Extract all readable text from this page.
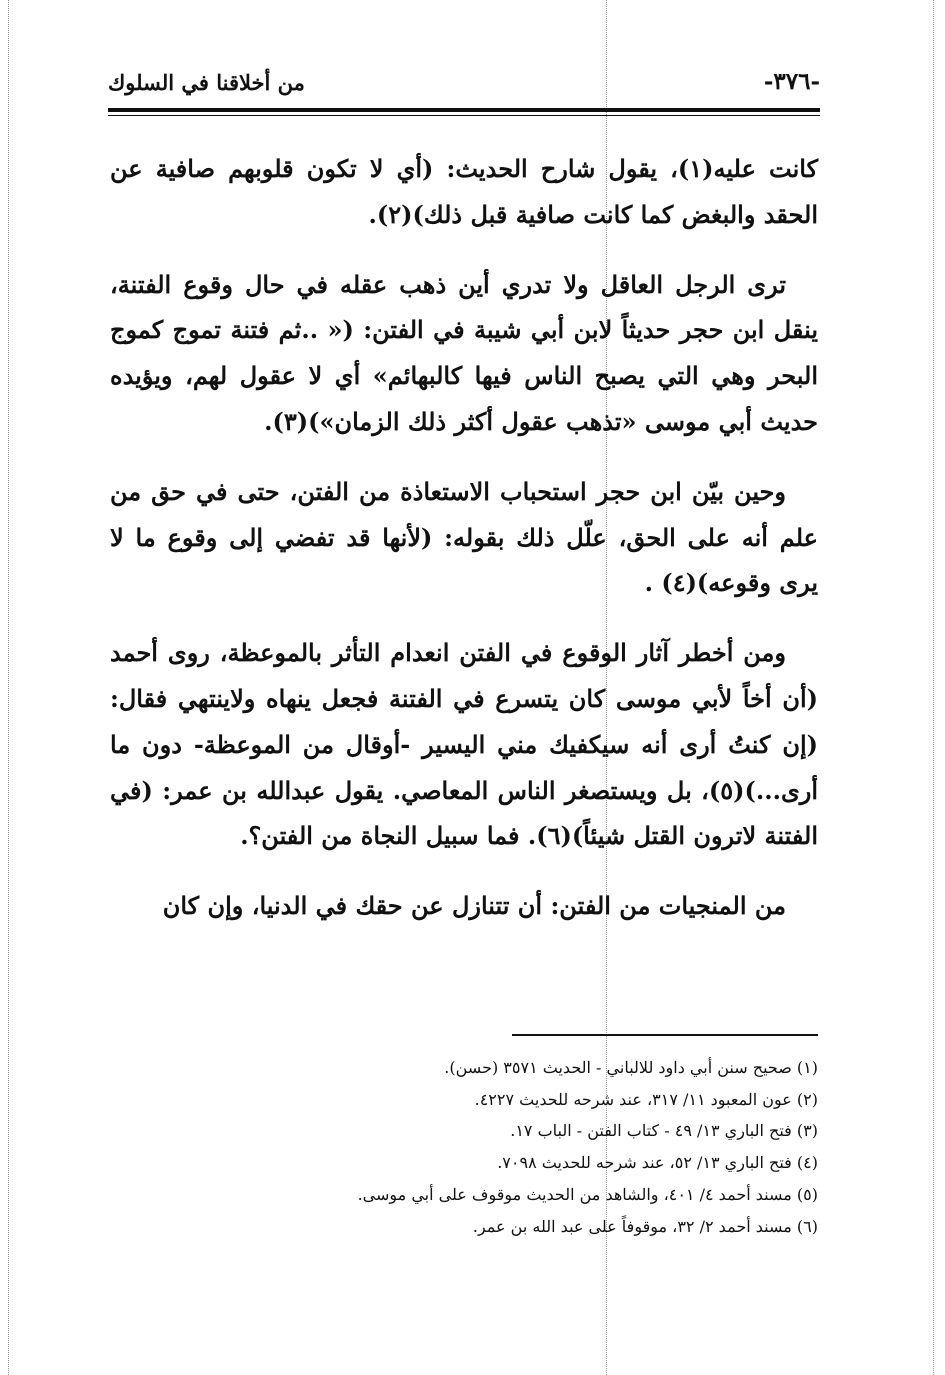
-٣٧٦-
من أخلاقنا في السلوك

كانت عليه(١)، يقول شارح الحديث: (أي لا تكون قلوبهم صافية عن الحقد والبغض كما كانت صافية قبل ذلك)(٢).

ترى الرجل العاقل ولا تدري أين ذهب عقله في حال وقوع الفتنة، ينقل ابن حجر حديثاً لابن أبي شيبة في الفتن: (« ..ثم فتنة تموج كموج البحر وهي التي يصبح الناس فيها كالبهائم» أي لا عقول لهم، ويؤيده حديث أبي موسى «تذهب عقول أكثر ذلك الزمان»)(٣).

وحين بيّن ابن حجر استحباب الاستعاذة من الفتن، حتى في حق من علم أنه على الحق، علّل ذلك بقوله: (لأنها قد تفضي إلى وقوع ما لا يرى وقوعه)(٤) .

ومن أخطر آثار الوقوع في الفتن انعدام التأثر بالموعظة، روى أحمد (أن أخاً لأبي موسى كان يتسرع في الفتنة فجعل ينهاه ولاينتهي فقال: (إن كنتُ أرى أنه سيكفيك مني اليسير -أوقال من الموعظة- دون ما أرى...)(٥)، بل ويستصغر الناس المعاصي. يقول عبدالله بن عمر: (في الفتنة لاترون القتل شيئاً)(٦). فما سبيل النجاة من الفتن؟.

من المنجيات من الفتن: أن تتنازل عن حقك في الدنيا، وإن كان

(١) صحيح سنن أبي داود للالباني - الحديث ٣٥٧١ (حسن).
(٢) عون المعبود ١١/ ٣١٧، عند شرحه للحديث ٤٢٢٧.
(٣) فتح الباري ١٣/ ٤٩ - كتاب الفتن - الباب ١٧.
(٤) فتح الباري ١٣/ ٥٢، عند شرحه للحديث ٧٠٩٨.
(٥) مسند أحمد ٤/ ٤٠١، والشاهد من الحديث موقوف على أبي موسى.
(٦) مسند أحمد ٢/ ٣٢، موقوفاً على عبد الله بن عمر.
